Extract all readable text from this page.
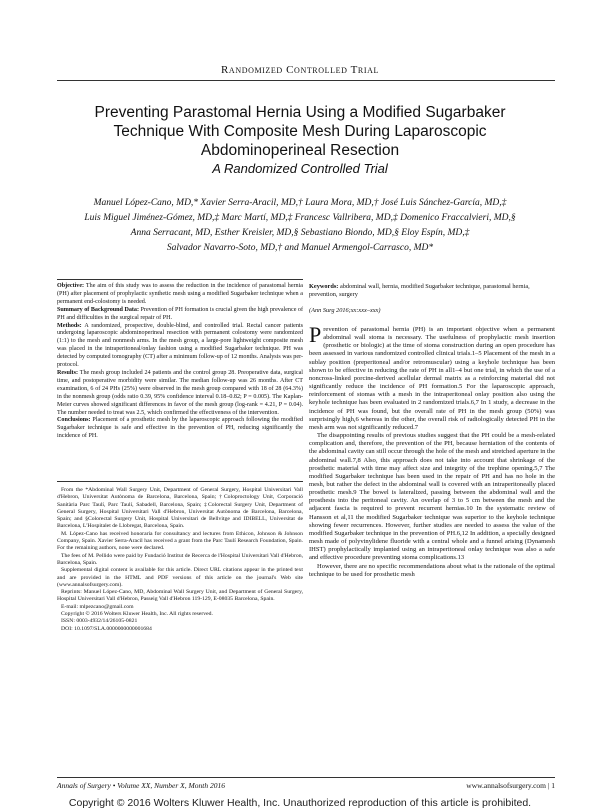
Randomized Controlled Trial
Preventing Parastomal Hernia Using a Modified Sugarbaker
Technique With Composite Mesh During Laparoscopic
Abdominoperineal Resection
A Randomized Controlled Trial
Manuel López-Cano, MD,* Xavier Serra-Aracil, MD,† Laura Mora, MD,† José Luis Sánchez-García, MD,‡
Luis Miguel Jiménez-Gómez, MD,‡ Marc Martí, MD,‡ Francesc Vallribera, MD,‡ Domenico Fraccalvieri, MD,§
Anna Serracant, MD, Esther Kreisler, MD,§ Sebastiano Biondo, MD,§ Eloy Espín, MD,‡
Salvador Navarro-Soto, MD,† and Manuel Armengol-Carrasco, MD*

Objective: The aim of this study was to assess the reduction in the incidence of parastomal hernia (PH) after placement of prophylactic synthetic mesh using a modified Sugarbaker technique when a permanent end-colostomy is needed.

Summary of Background Data: Prevention of PH formation is crucial given the high prevalence of PH and difficulties in the surgical repair of PH.

Methods: A randomized, prospective, double-blind, and controlled trial. Rectal cancer patients undergoing laparoscopic abdominoperineal resection with permanent colostomy were randomized (1:1) to the mesh and nonmesh arms. In the mesh group, a large-pore lightweight composite mesh was placed in the intraperitoneal/onlay fashion using a modified Sugarbaker technique. PH was detected by computed tomography (CT) after a minimum follow-up of 12 months. Analysis was per-protocol.

Results: The mesh group included 24 patients and the control group 28. Preoperative data, surgical time, and postoperative morbidity were similar. The median follow-up was 26 months. After CT examination, 6 of 24 PHs (25%) were observed in the mesh group compared with 18 of 28 (64.3%) in the nonmesh group (odds ratio 0.39, 95% confidence interval 0.18–0.82; P = 0.005). The Kaplan-Meier curves showed significant differences in favor of the mesh group (log-rank = 4.21, P = 0.04). The number needed to treat was 2.5, which confirmed the effectiveness of the intervention.

Conclusions: Placement of a prosthetic mesh by the laparoscopic approach following the modified Sugarbaker technique is safe and effective in the prevention of PH, reducing significantly the incidence of PH.

From the *Abdominal Wall Surgery Unit, Department of General Surgery, Hospital Universitari Vall d'Hebron, Universitat Autònoma de Barcelona, Barcelona, Spain; †Coloproctology Unit, Corporació Sanitària Parc Taulí, Parc Taulí, Sabadell, Barcelona, Spain; ‡Colorectal Surgery Unit, Department of General Surgery, Hospital Universitari Vall d'Hebron, Universitat Autònoma de Barcelona, Barcelona, Spain; and §Colorectal Surgery Unit, Hospital Universitari de Bellvitge and IDIBELL, Universitat de Barcelona, L'Hospitalet de Llobregat, Barcelona, Spain.

M. López-Cano has received honoraria for consultancy and lectures from Ethicon, Johnson & Johnson Company, Spain. Xavier Serra-Aracil has received a grant from the Parc Taulí Research Foundation, Spain. For the remaining authors, none were declared.

The fees of M. Pellido were paid by Fundació Institut de Recerca de l'Hospital Universitari Vall d'Hebron, Barcelona, Spain.

Supplemental digital content is available for this article. Direct URL citations appear in the printed text and are provided in the HTML and PDF versions of this article on the journal's Web site (www.annalsofsurgery.com).

Reprints: Manuel López-Cano, MD, Abdominal Wall Surgery Unit, and Department of General Surgery, Hospital Universitari Vall d'Hebron, Passeig Vall d'Hebron 119-129, E-08035 Barcelona, Spain.

E-mail: mlpezcano@gmail.com

Copyright © 2016 Wolters Kluwer Health, Inc. All rights reserved.

ISSN: 0003-4932/14/26105-0821

DOI: 10.1097/SLA.0000000000001684

Keywords: abdominal wall, hernia, modified Sugarbaker technique, parastomal hernia, prevention, surgery
(Ann Surg 2016;xx:xxx–xxx)

Prevention of parastomal hernia (PH) is an important objective when a permanent abdominal wall stoma is necessary. The usefulness of prophylactic mesh insertion (prosthetic or biologic) at the time of stoma construction during an open procedure has been assessed in various randomized controlled clinical trials.1–5 Placement of the mesh in a sublay position (preperitoneal and/or retromuscular) using a keyhole technique has been shown to be effective in reducing the rate of PH in all1–4 but one trial, in which the use of a noncross-linked porcine-derived acellular dermal matrix as a reinforcing material did not significantly reduce the incidence of PH formation.5 For the laparoscopic approach, reinforcement of stomas with a mesh in the intraperitoneal onlay position also using the keyhole technique has been evaluated in 2 randomized trials.6,7 In 1 study, a decrease in the incidence of PH was found, but the overall rate of PH in the mesh group (50%) was surprisingly high,6 whereas in the other, the overall risk of radiologically detected PH in the mesh arm was not significantly reduced.7

The disappointing results of previous studies suggest that the PH could be a mesh-related complication and, therefore, the prevention of the PH, because herniation of the contents of the abdominal cavity can still occur through the hole of the mesh and stretched aperture in the abdominal wall.7,8 Also, this approach does not take into account that shrinkage of the prosthetic material with time may affect size and integrity of the trephine opening.5,7 The modified Sugarbaker technique has been used in the repair of PH and has no hole in the mesh, but rather the defect in the abdominal wall is covered with an intraperitoneally placed prosthetic mesh.9 The bowel is lateralized, passing between the abdominal wall and the prosthesis into the peritoneal cavity. An overlap of 3 to 5 cm between the mesh and the adjacent fascia is required to prevent recurrent hernias.10 In the systematic review of Hansson et al,11 the modified Sugarbaker technique was superior to the keyhole technique showing fewer recurrences. However, further studies are needed to assess the value of the modified Sugarbaker technique in the prevention of PH.6,12 In addition, a specially designed mesh made of polyvinylidene fluoride with a central whole and a funnel arising (Dynamesh IHST) prophylactically implanted using an intraperitoneal onlay technique was also a safe and effective procedure preventing stoma complications.13

However, there are no specific recommendations about what is the rationale of the optimal technique to be used for prosthetic mesh

Annals of Surgery • Volume XX, Number X, Month 2016	www.annalsofsurgery.com | 1
Copyright © 2016 Wolters Kluwer Health, Inc. Unauthorized reproduction of this article is prohibited.
